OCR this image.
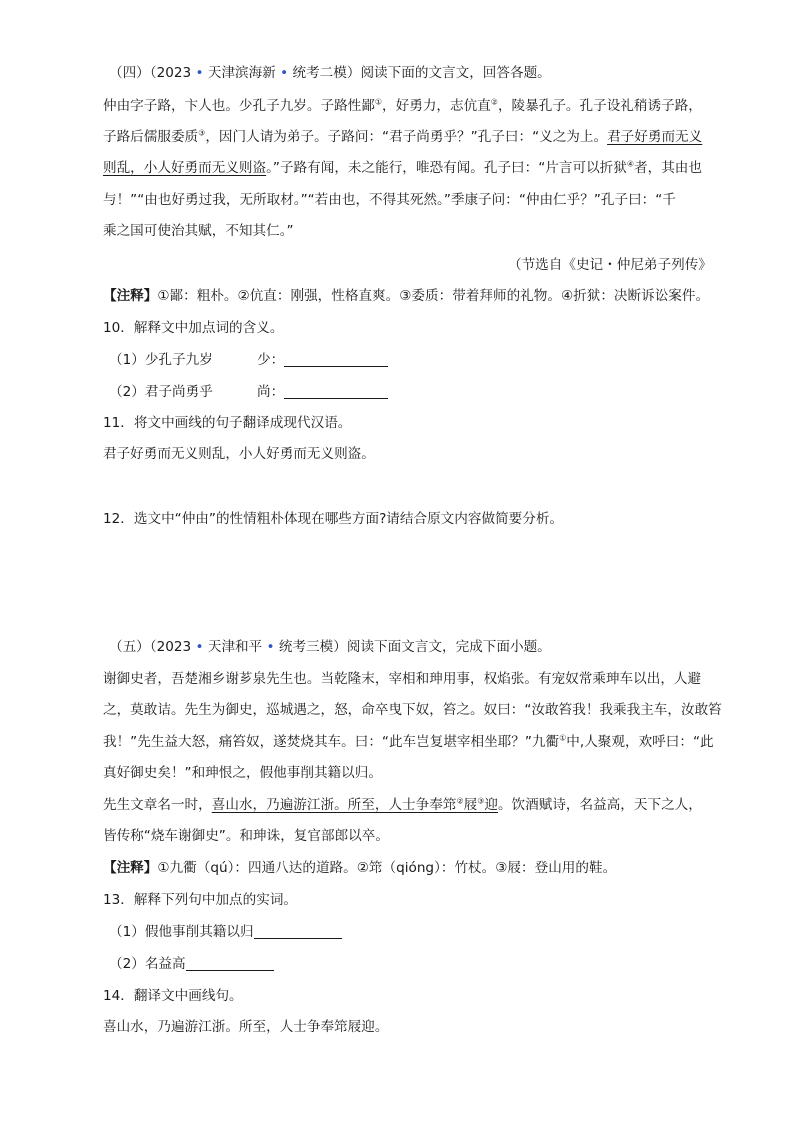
（四）（2023 • 天津滨海新 • 统考二模）阅读下面的文言文，回答各题。
仲由字子路，卞人也。少孔子九岁。子路性鄙①，好勇力，志伉直②，陵暴孔子。孔子设礼稍诱子路，
子路后儒服委质③，因门人请为弟子。子路问：“君子尚勇乎？”孔子曰：“义之为上。君子好勇而无义
则乱，小人好勇而无义则盗。”子路有闻，未之能行，唯恐有闻。孔子曰：“片言可以折狱④者，其由也
与！”“由也好勇过我，无所取材。”“若由也，不得其死然。”季康子问：“仲由仁乎？”孔子曰：“千
乘之国可使治其赋，不知其仁。”
（节选自《史记・仲尼弟子列传》
【注释】①鄙：粗朴。②伉直：刚强，性格直爽。③委质：带着拜师的礼物。④折狱：决断诉讼案件。
10．解释文中加点词的含义。
（1）少孔子九岁	少：
（2）君子尚勇乎	尚：
11．将文中画线的句子翻译成现代汉语。
君子好勇而无义则乱，小人好勇而无义则盗。
12．选文中“仲由”的性情粗朴体现在哪些方面?请结合原文内容做简要分析。
（五）（2023 • 天津和平 • 统考三模）阅读下面文言文，完成下面小题。
谢御史者，吾楚湘乡谢芗泉先生也。当乾隆末，宰相和珅用事，权焰张。有宠奴常乘珅车以出，人避
之，莫敢诘。先生为御史，巡城遇之，怒，命卒曳下奴，笞之。奴曰：“汝敢笞我！我乘我主车，汝敢笞
我！”先生益大怒，痛笞奴，遂焚烧其车。曰：“此车岂复堪宰相坐耶？”九衢①中,人聚观，欢呼曰：“此
真好御史矣！”和珅恨之，假他事削其籍以归。
先生文章名一时，喜山水，乃遍游江浙。所至，人士争奉筇②屐③迎。饮酒赋诗，名益高，天下之人，
皆传称“烧车谢御史”。和珅诛，复官部郎以卒。
【注释】①九衢（qú）：四通八达的道路。②筇（qióng）：竹杖。③屐：登山用的鞋。
13．解释下列句中加点的实词。
（1）假他事削其籍以归
（2）名益高
14．翻译文中画线句。
喜山水，乃遍游江浙。所至，人士争奉筇屐迎。
